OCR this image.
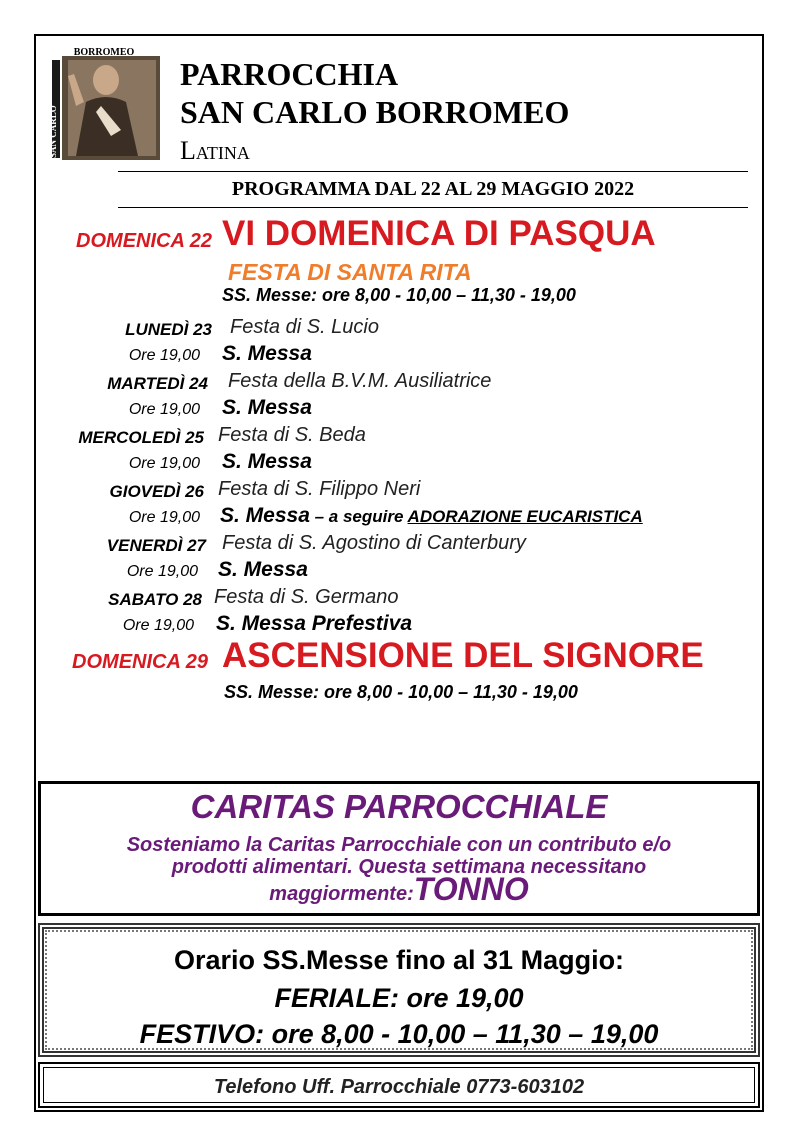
SAN CARLO
BORROMEO
PARROCCHIA
SAN CARLO BORROMEO
Latina
PROGRAMMA DAL 22 AL 29 MAGGIO 2022
DOMENICA 22 VI DOMENICA DI PASQUA
FESTA DI SANTA RITA
SS. Messe: ore 8,00 - 10,00 – 11,30 - 19,00
LUNEDÌ 23 Festa di S. Lucio
Ore 19,00 S. Messa
MARTEDÌ 24 Festa della B.V.M. Ausiliatrice
Ore 19,00 S. Messa
MERCOLEDÌ 25 Festa di S. Beda
Ore 19,00 S. Messa
GIOVEDÌ 26 Festa di S. Filippo Neri
Ore 19,00 S. Messa – a seguire ADORAZIONE EUCARISTICA
VENERDÌ 27 Festa di S. Agostino di Canterbury
Ore 19,00 S. Messa
SABATO 28 Festa di S. Germano
Ore 19,00 S. Messa Prefestiva
DOMENICA 29 ASCENSIONE DEL SIGNORE
SS. Messe: ore 8,00 - 10,00 – 11,30 - 19,00
CARITAS PARROCCHIALE
Sosteniamo la Caritas Parrocchiale con un contributo e/o
prodotti alimentari. Questa settimana necessitano
maggiormente:TONNO
Orario SS.Messe fino al 31 Maggio:
FERIALE: ore 19,00
FESTIVO: ore 8,00 - 10,00 – 11,30 – 19,00
Telefono Uff. Parrocchiale 0773-603102
